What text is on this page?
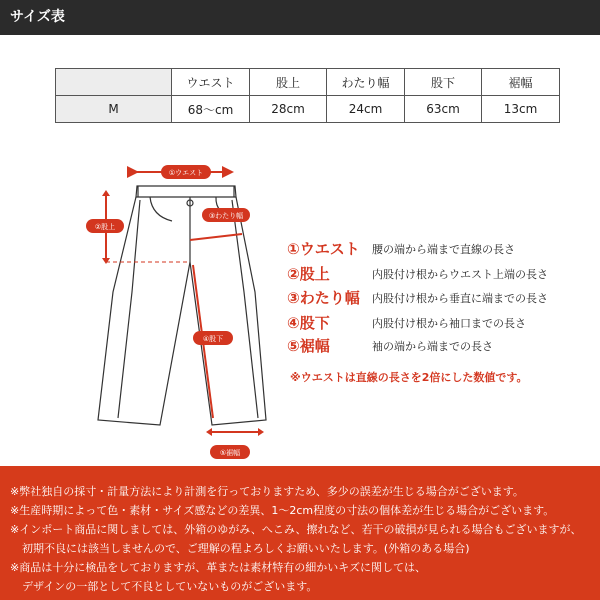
サイズ表
	ウエスト	股上	わたり幅	股下	裾幅
M	68〜cm	28cm	24cm	63cm	13cm
①ウエスト
②股上
③わたり幅
④股下
⑤裾幅
①ウエスト 腰の端から端まで直線の長さ
②股上	内股付け根からウエスト上端の長さ
③わたり幅 内股付け根から垂直に端までの長さ
④股下	内股付け根から袖口までの長さ
⑤裾幅	袖の端から端までの長さ
※ウエストは直線の長さを2倍にした数値です。
※弊社独自の採寸・計量方法により計測を行っておりますため、多少の誤差が生じる場合がございます。
※生産時期によって色・素材・サイズ感などの差異、1〜2cm程度の寸法の個体差が生じる場合がございます。
※インポート商品に関しましては、外箱のゆがみ、へこみ、擦れなど、若干の破損が見られる場合もございますが、
初期不良には該当しませんので、ご理解の程よろしくお願いいたします。(外箱のある場合)
※商品は十分に検品をしておりますが、革または素材特有の細かいキズに関しては、
デザインの一部として不良としていないものがございます。
